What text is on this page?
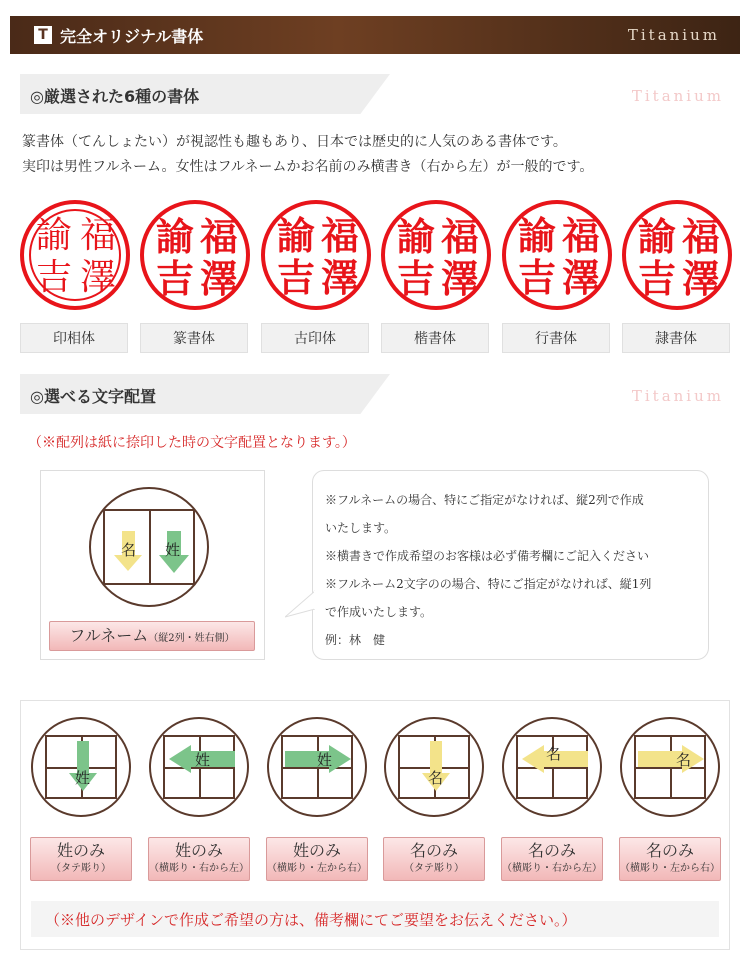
T 完全オリジナル書体	Titanium
◎厳選された6種の書体	Titanium
篆書体（てんしょたい）が視認性も趣もあり、日本では歴史的に人気のある書体です。
実印は男性フルネーム。女性はフルネームかお名前のみ横書き（右から左）が一般的です。
福
澤
諭
吉
福
澤
諭
吉
福
澤
諭
吉
福
澤
諭
吉
福
澤
諭
吉
福
澤
諭
吉
印相体	篆書体	古印体	楷書体	行書体	隷書体
◎選べる文字配置	Titanium
（※配列は紙に捺印した時の文字配置となります。）
名 姓
フルネーム（縦2列・姓右側）
※フルネームの場合、特にご指定がなければ、縦2列で作成
いたします。
※横書きで作成希望のお客様は必ず備考欄にご記入ください
※フルネーム2文字のの場合、特にご指定がなければ、縦1列
で作成いたします。
例：林　健
姓
姓のみ
（タテ彫り）
姓
姓のみ
（横彫り・右から左）
姓
姓のみ
（横彫り・左から右）
名
名のみ
（タテ彫り）
名
名のみ
（横彫り・右から左）
名
名のみ
（横彫り・左から右）
（※他のデザインで作成ご希望の方は、備考欄にてご要望をお伝えください。）
